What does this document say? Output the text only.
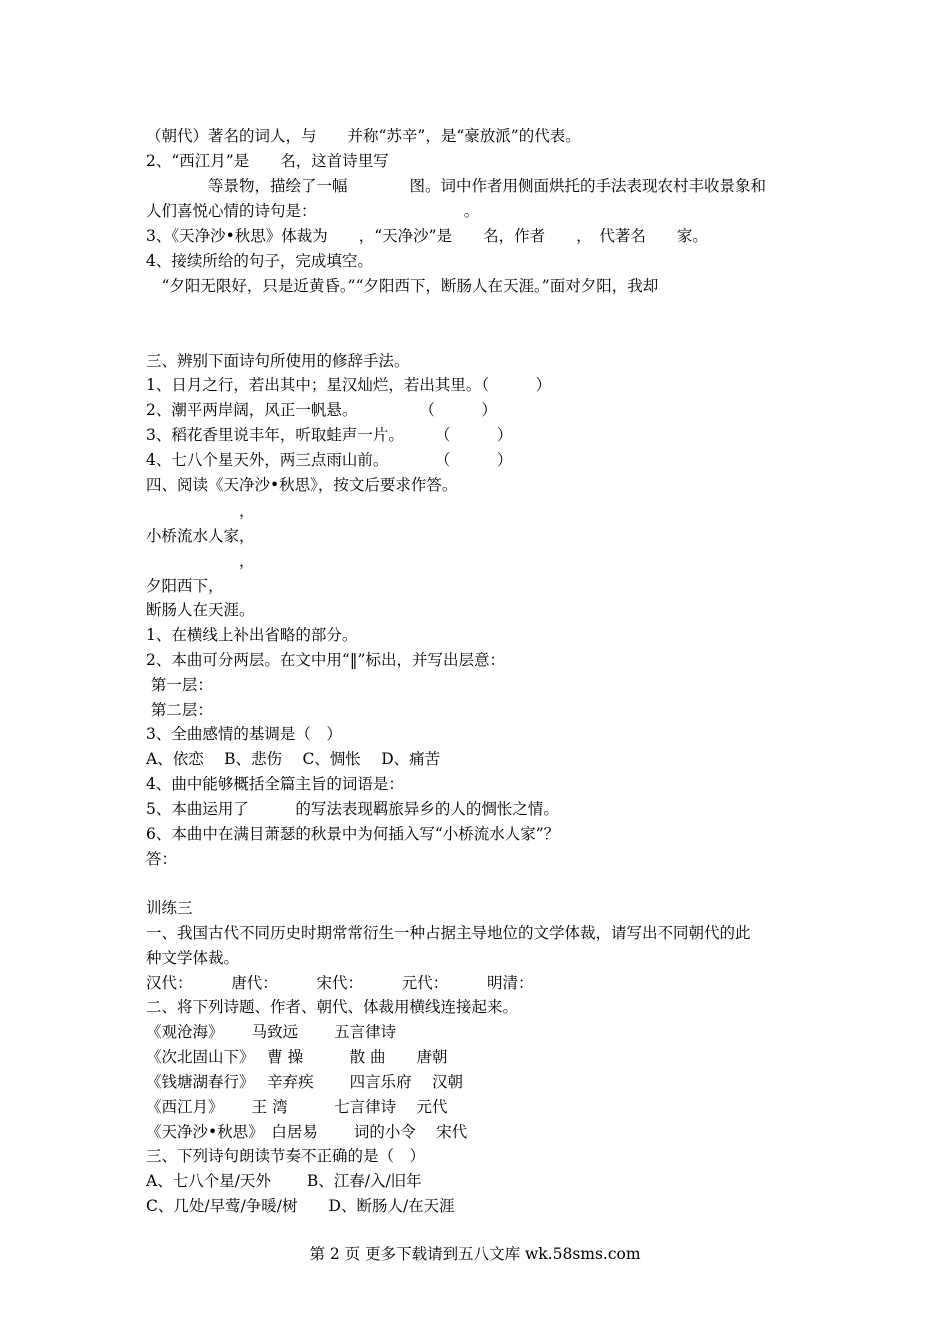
（朝代）著名的词人，与　　并称“苏辛”，是“豪放派”的代表。
2、“西江月”是　　名，这首诗里写
　　　　等景物，描绘了一幅　　　　图。词中作者用侧面烘托的手法表现农村丰收景象和
人们喜悦心情的诗句是：　　　　　　　　　　。
3、《天净沙•秋思》体裁为　　，“天净沙”是　　名，作者　　，　代著名　　家。
4、接续所给的句子，完成填空。
　“夕阳无限好，只是近黄昏。”“夕阳西下，断肠人在天涯。”面对夕阳，我却
三、辨别下面诗句所使用的修辞手法。
1、日月之行，若出其中；星汉灿烂，若出其里。（　　　）
2、潮平两岸阔，风正一帆悬。　　　　　（　　　）
3、稻花香里说丰年，听取蛙声一片。　　　（　　　）
4、七八个星天外，两三点雨山前。　　　　（　　　）
四、阅读《天净沙•秋思》，按文后要求作答。
　　　　　　，
小桥流水人家，
　　　　　　，
夕阳西下，
断肠人在天涯。
1、在横线上补出省略的部分。
2、本曲可分两层。在文中用“‖”标出，并写出层意：
第一层：
第二层：
3、全曲感情的基调是（　）
A、依恋　 B、悲伤　 C、惆怅　 D、痛苦
4、曲中能够概括全篇主旨的词语是：
5、本曲运用了　　　的写法表现羁旅异乡的人的惆怅之情。
6、本曲中在满目萧瑟的秋景中为何插入写“小桥流水人家”？
答：
训练三
一、我国古代不同历史时期常常衍生一种占据主导地位的文学体裁，请写出不同朝代的此
种文学体裁。
汉代：　　　唐代：　　　宋代：　　　元代：　　　明清：
二、将下列诗题、作者、朝代、体裁用横线连接起来。
《观沧海》　　 马致远　　 五言律诗
《次北固山下》　 曹 操　　　散 曲　　唐朝
《钱塘湖春行》　 辛弃疾　　 四言乐府　 汉朝
《西江月》　　 王 湾　　　七言律诗　 元代
《天净沙•秋思》　白居易　　 词的小令　 宋代
三、下列诗句朗读节奏不正确的是（　）
A、七八个星/天外　　 B、江春/入/旧年
C、几处/早莺/争暖/树　　D、断肠人/在天涯
第 2 页 更多下载请到五八文库 wk.58sms.com
